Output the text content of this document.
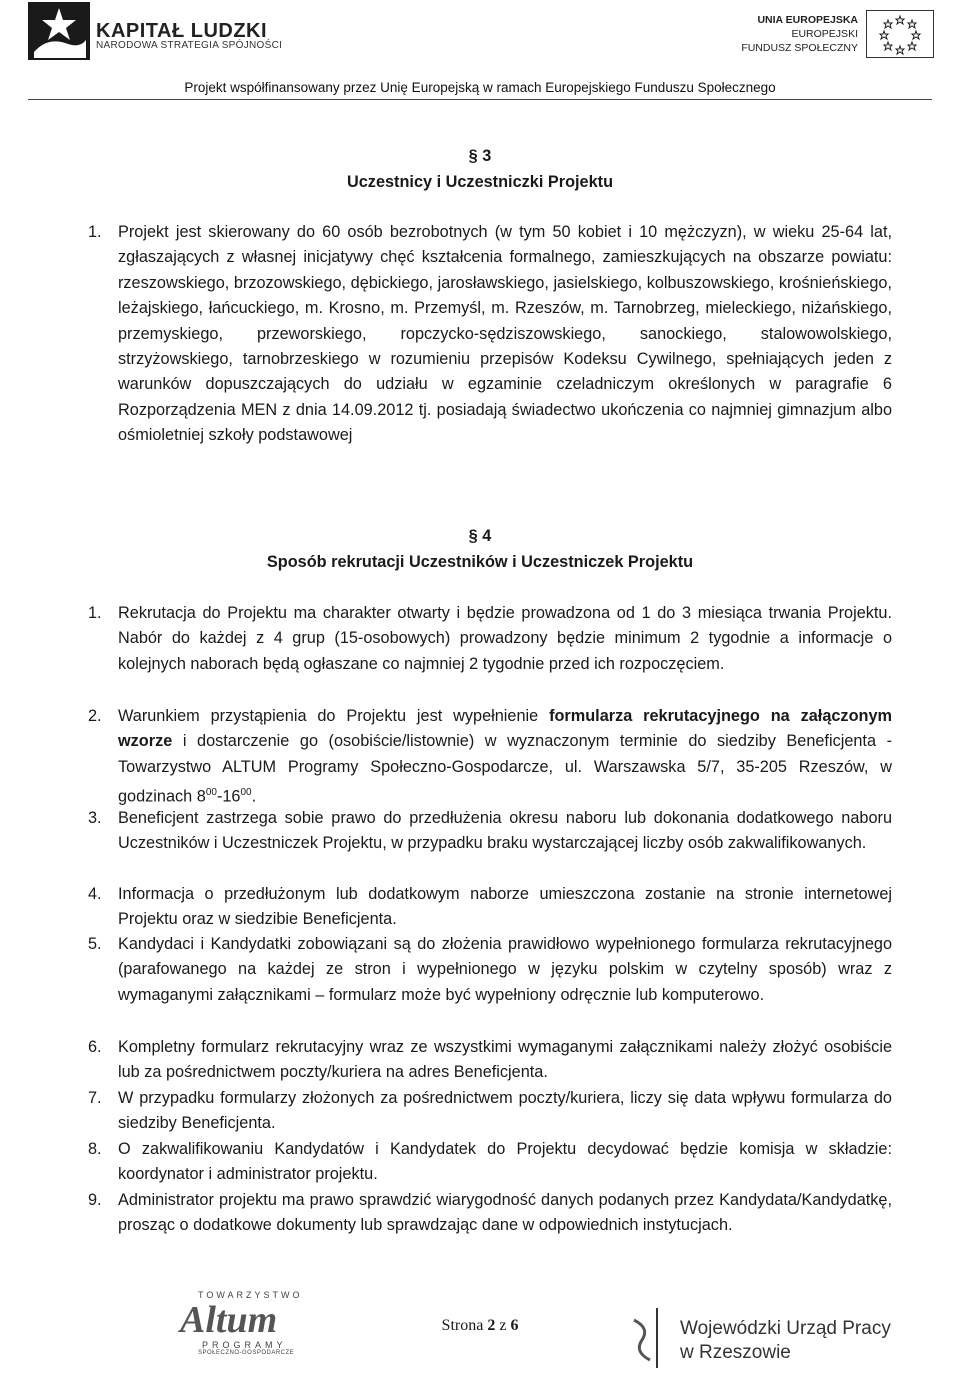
KAPITAŁ LUDZKI
NARODOWA STRATEGIA SPÓJNOŚCI
UNIA EUROPEJSKA
EUROPEJSKI
FUNDUSZ SPOŁECZNY
Projekt współfinansowany przez Unię Europejską w ramach Europejskiego Funduszu Społecznego
§ 3
Uczestnicy i Uczestniczki Projektu
1. Projekt jest skierowany do 60 osób bezrobotnych (w tym 50 kobiet i 10 mężczyzn), w wieku 25-64 lat, zgłaszających z własnej inicjatywy chęć kształcenia formalnego, zamieszkujących na obszarze powiatu: rzeszowskiego, brzozowskiego, dębickiego, jarosławskiego, jasielskiego, kolbuszowskiego, krośnieńskiego, leżajskiego, łańcuckiego, m. Krosno, m. Przemyśl, m. Rzeszów, m. Tarnobrzeg, mieleckiego, niżańskiego, przemyskiego, przeworskiego, ropczycko-sędziszowskiego, sanockiego, stalowowolskiego, strzyżowskiego, tarnobrzeskiego w rozumieniu przepisów Kodeksu Cywilnego, spełniających jeden z warunków dopuszczających do udziału w egzaminie czeladniczym określonych w paragrafie 6 Rozporządzenia MEN z dnia 14.09.2012 tj. posiadają świadectwo ukończenia co najmniej gimnazjum albo ośmioletniej szkoły podstawowej
§ 4
Sposób rekrutacji Uczestników i Uczestniczek Projektu
1. Rekrutacja do Projektu ma charakter otwarty i będzie prowadzona od 1 do 3 miesiąca trwania Projektu. Nabór do każdej z 4 grup (15-osobowych) prowadzony będzie minimum 2 tygodnie a informacje o kolejnych naborach będą ogłaszane co najmniej 2 tygodnie przed ich rozpoczęciem.
2. Warunkiem przystąpienia do Projektu jest wypełnienie formularza rekrutacyjnego na załączonym wzorze i dostarczenie go (osobiście/listownie) w wyznaczonym terminie do siedziby Beneficjenta - Towarzystwo ALTUM Programy Społeczno-Gospodarcze, ul. Warszawska 5/7, 35-205 Rzeszów, w godzinach $8^{00}-16^{00}$.
3. Beneficjent zastrzega sobie prawo do przedłużenia okresu naboru lub dokonania dodatkowego naboru Uczestników i Uczestniczek Projektu, w przypadku braku wystarczającej liczby osób zakwalifikowanych.
4. Informacja o przedłużonym lub dodatkowym naborze umieszczona zostanie na stronie internetowej Projektu oraz w siedzibie Beneficjenta.
5. Kandydaci i Kandydatki zobowiązani są do złożenia prawidłowo wypełnionego formularza rekrutacyjnego (parafowanego na każdej ze stron i wypełnionego w języku polskim w czytelny sposób) wraz z wymaganymi załącznikami – formularz może być wypełniony odręcznie lub komputerowo.
6. Kompletny formularz rekrutacyjny wraz ze wszystkimi wymaganymi załącznikami należy złożyć osobiście lub za pośrednictwem poczty/kuriera na adres Beneficjenta.
7. W przypadku formularzy złożonych za pośrednictwem poczty/kuriera, liczy się data wpływu formularza do siedziby Beneficjenta.
8. O zakwalifikowaniu Kandydatów i Kandydatek do Projektu decydować będzie komisja w składzie: koordynator i administrator projektu.
9. Administrator projektu ma prawo sprawdzić wiarygodność danych podanych przez Kandydata/Kandydatkę, prosząc o dodatkowe dokumenty lub sprawdzając dane w odpowiednich instytucjach.
TOWARZYSTWO
Altum
PROGRAMY
SPOŁECZNO-GOSPODARCZE
Strona 2 z 6	Wojewódzki Urząd Pracy
w Rzeszowie
